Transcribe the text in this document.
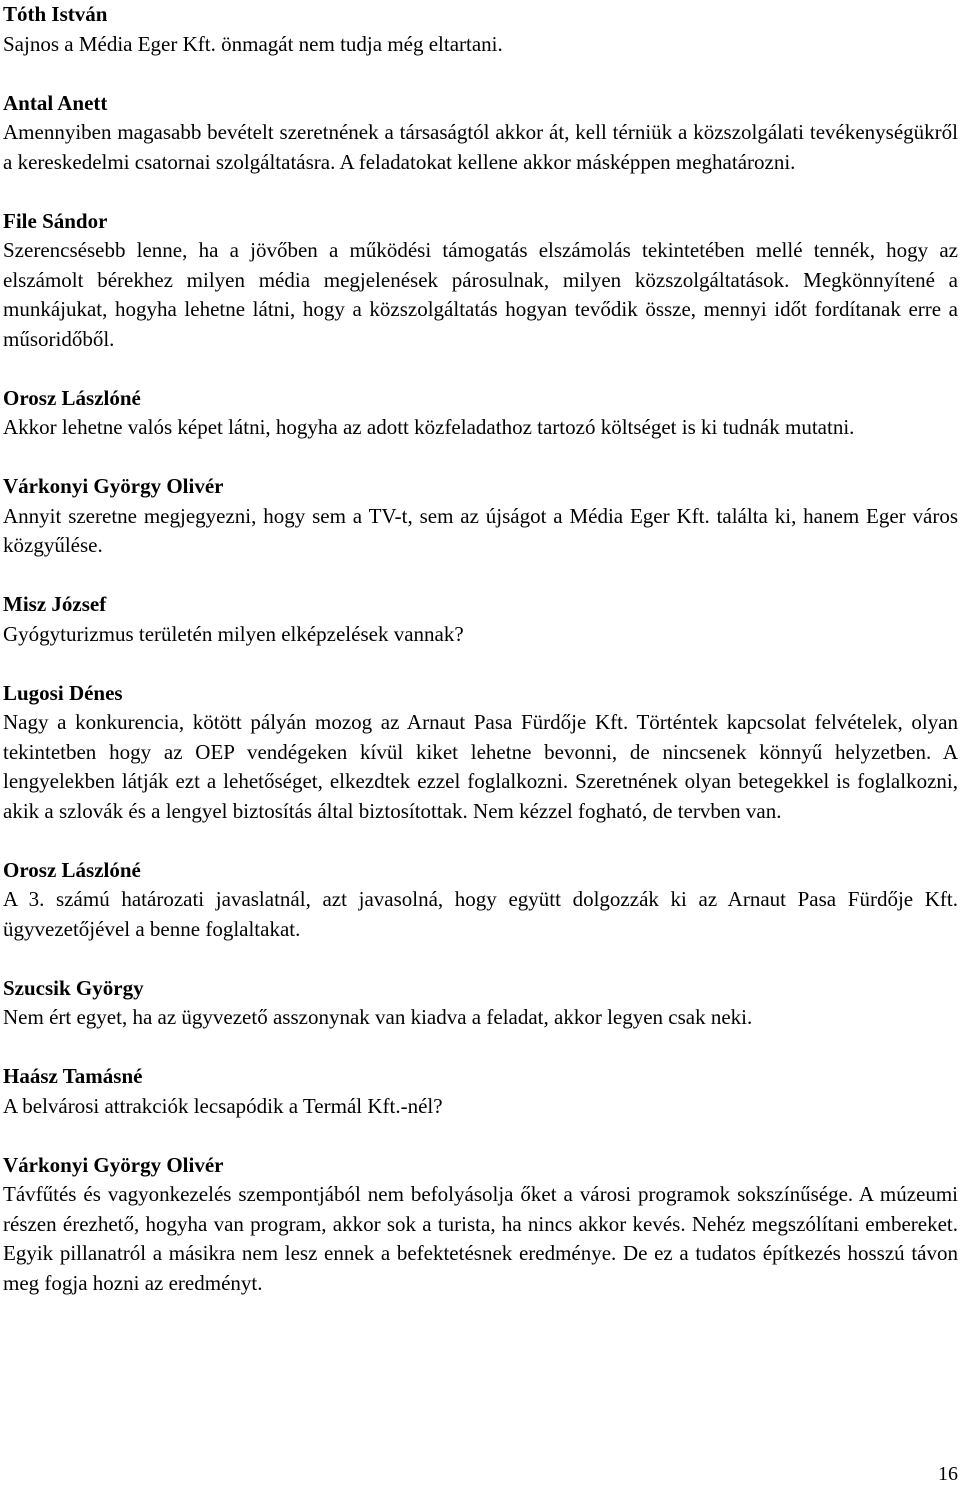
Tóth István

Sajnos a Média Eger Kft. önmagát nem tudja még eltartani.

Antal Anett

Amennyiben magasabb bevételt szeretnének a társaságtól akkor át, kell térniük a közszolgálati tevékenységükről a kereskedelmi csatornai szolgáltatásra. A feladatokat kellene akkor másképpen meghatározni.

File Sándor

Szerencsésebb lenne, ha a jövőben a működési támogatás elszámolás tekintetében mellé tennék, hogy az elszámolt bérekhez milyen média megjelenések párosulnak, milyen közszolgáltatások. Megkönnyítené a munkájukat, hogyha lehetne látni, hogy a közszolgáltatás hogyan tevődik össze, mennyi időt fordítanak erre a műsoridőből.

Orosz Lászlóné

Akkor lehetne valós képet látni, hogyha az adott közfeladathoz tartozó költséget is ki tudnák mutatni.

Várkonyi György Olivér

Annyit szeretne megjegyezni, hogy sem a TV-t, sem az újságot a Média Eger Kft. találta ki, hanem Eger város közgyűlése.

Misz József

Gyógyturizmus területén milyen elképzelések vannak?

Lugosi Dénes

Nagy a konkurencia, kötött pályán mozog az Arnaut Pasa Fürdője Kft. Történtek kapcsolat felvételek, olyan tekintetben hogy az OEP vendégeken kívül kiket lehetne bevonni, de nincsenek könnyű helyzetben. A lengyelekben látják ezt a lehetőséget, elkezdtek ezzel foglalkozni. Szeretnének olyan betegekkel is foglalkozni, akik a szlovák és a lengyel biztosítás által biztosítottak. Nem kézzel fogható, de tervben van.

Orosz Lászlóné

A 3. számú határozati javaslatnál, azt javasolná, hogy együtt dolgozzák ki az Arnaut Pasa Fürdője Kft. ügyvezetőjével a benne foglaltakat.

Szucsik György

Nem ért egyet, ha az ügyvezető asszonynak van kiadva a feladat, akkor legyen csak neki.

Haász Tamásné

A belvárosi attrakciók lecsapódik a Termál Kft.-nél?

Várkonyi György Olivér

Távfűtés és vagyonkezelés szempontjából nem befolyásolja őket a városi programok sokszínűsége. A múzeumi részen érezhető, hogyha van program, akkor sok a turista, ha nincs akkor kevés. Nehéz megszólítani embereket. Egyik pillanatról a másikra nem lesz ennek a befektetésnek eredménye. De ez a tudatos építkezés hosszú távon meg fogja hozni az eredményt.

16
